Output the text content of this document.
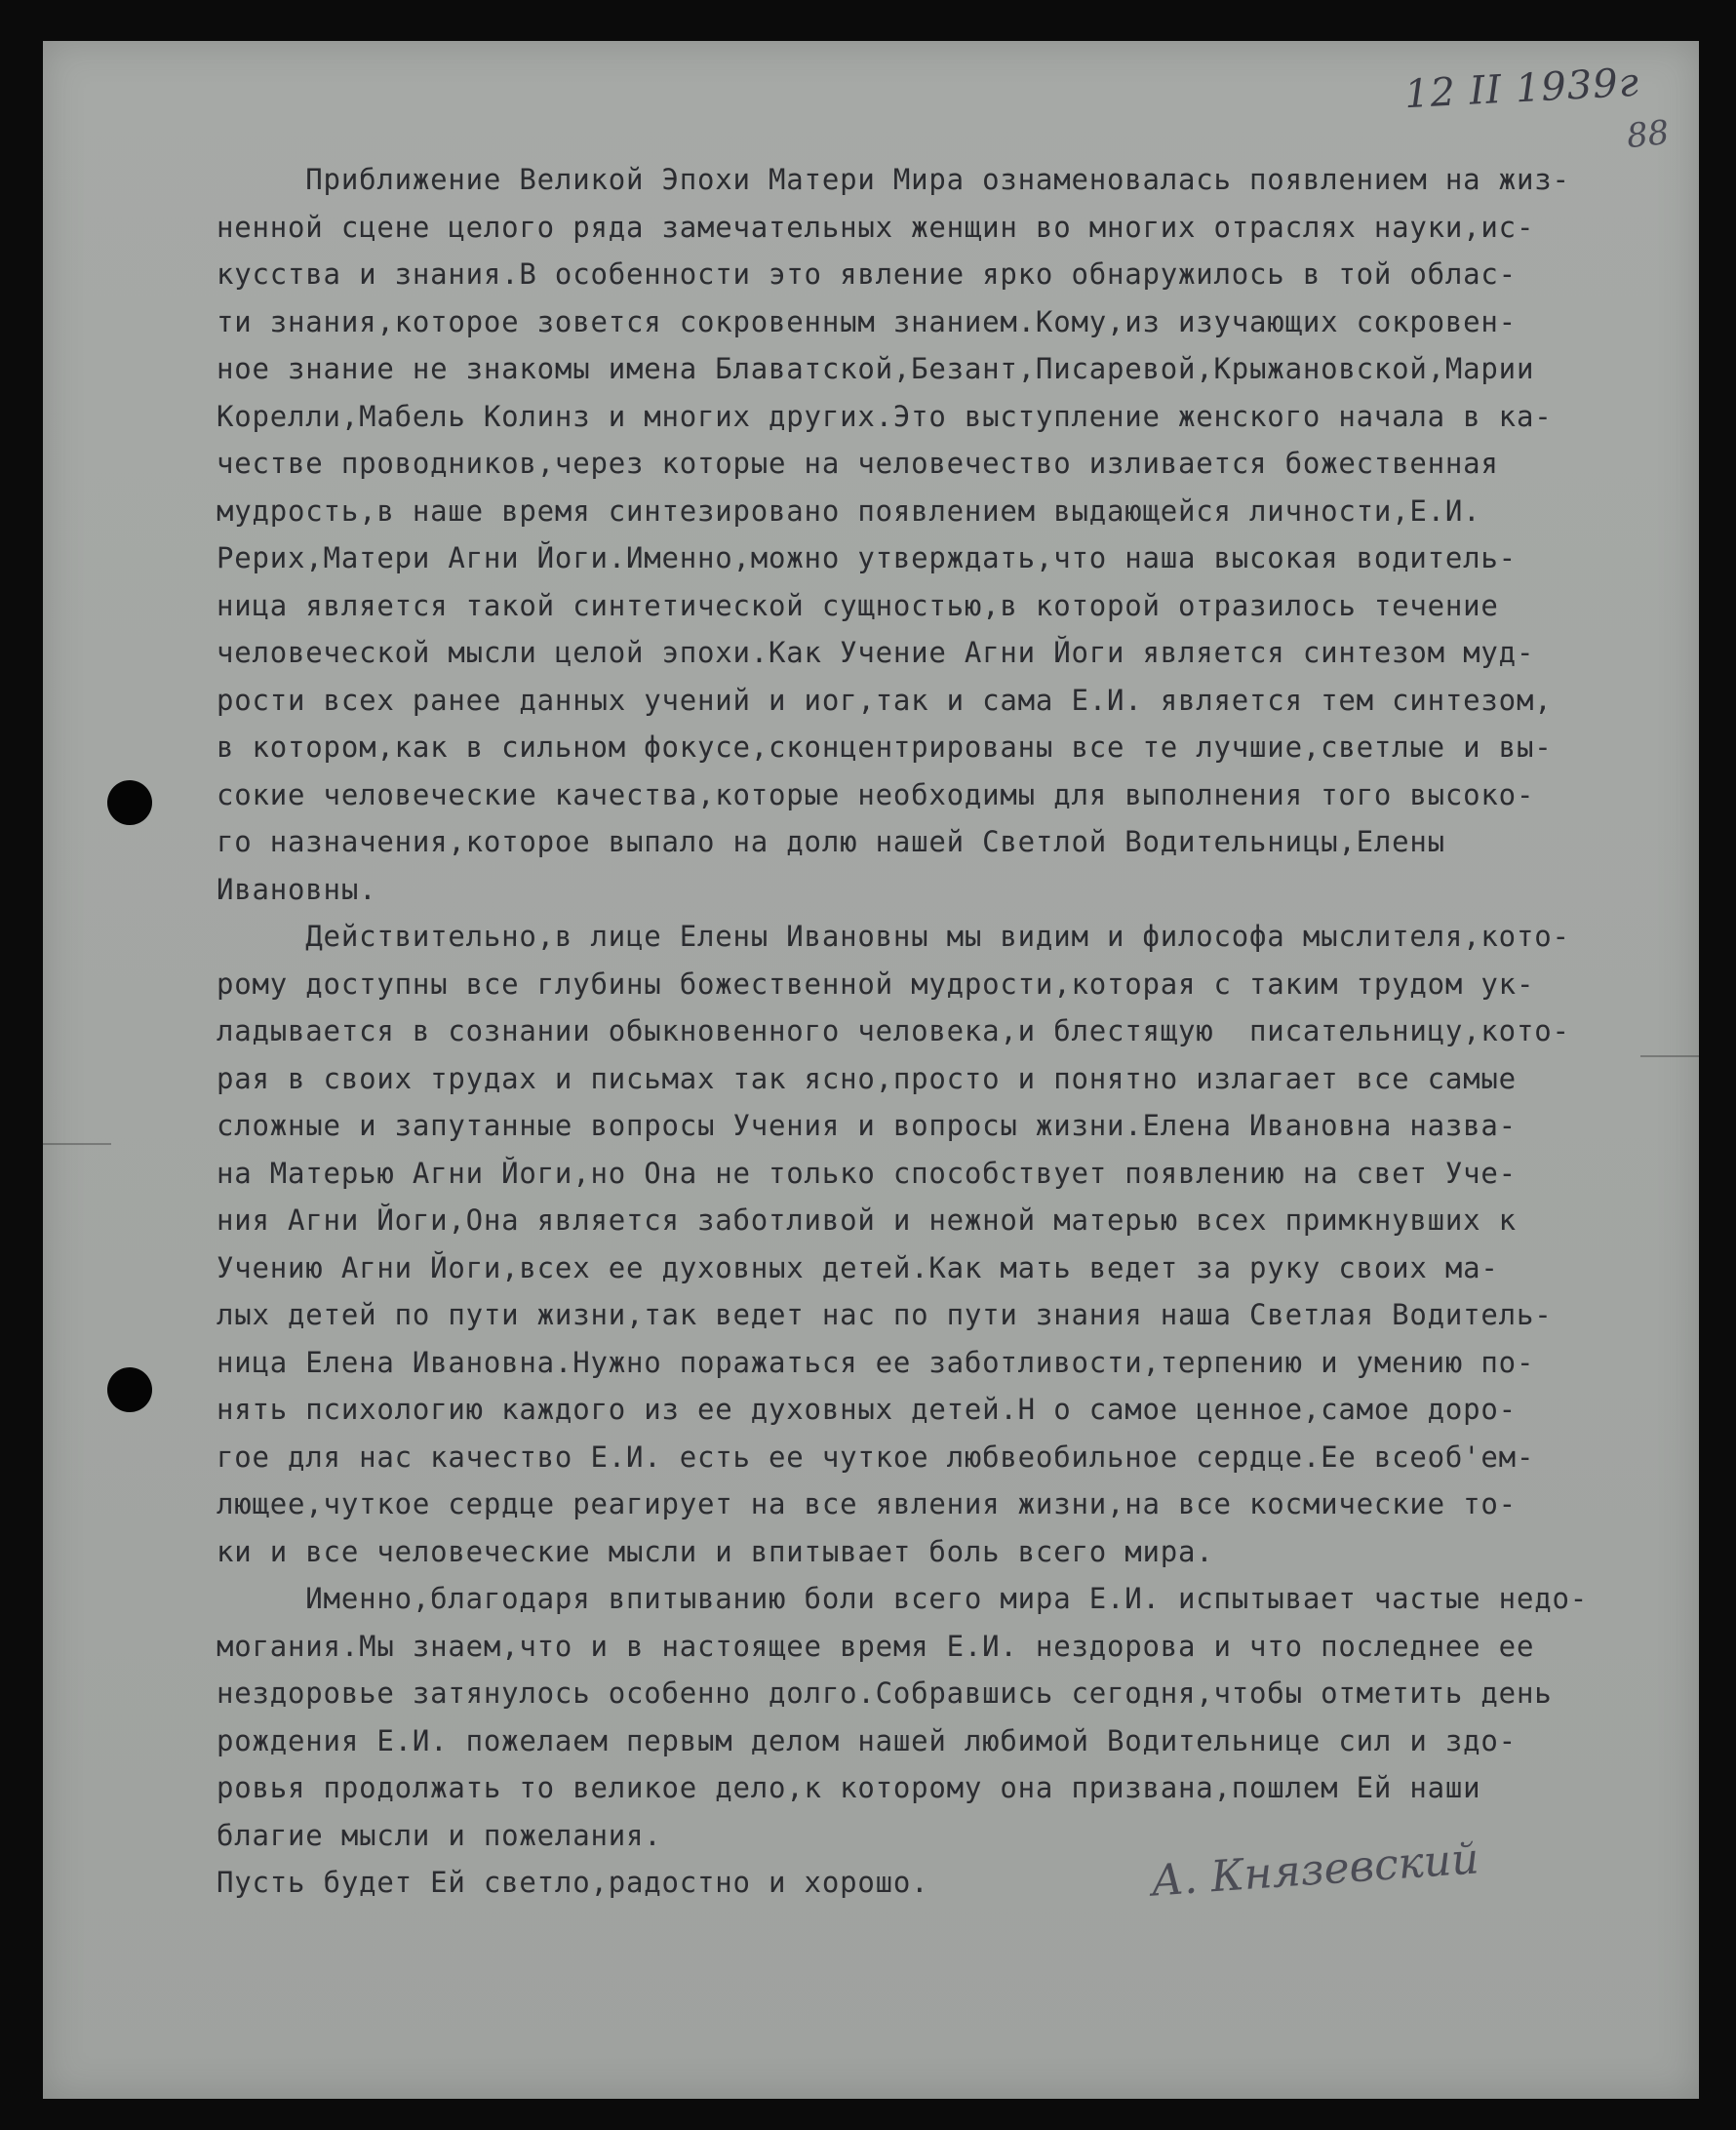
12 II 1939г
88
Приближение Великой Эпохи Матери Мира ознаменовалась появлением на жиз-
ненной сцене целого ряда замечательных женщин во многих отраслях науки,ис-
кусства и знания.В особенности это явление ярко обнаружилось в той облас-
ти знания,которое зовется сокровенным знанием.Кому,из изучающих сокровен-
ное знание не знакомы имена Блаватской,Безант,Писаревой,Крыжановской,Марии
Корелли,Мабель Колинз и многих других.Это выступление женского начала в ка-
честве проводников,через которые на человечество изливается божественная
мудрость,в наше время синтезировано появлением выдающейся личности,Е.И.
Рерих,Матери Агни Йоги.Именно,можно утверждать,что наша высокая водитель-
ница является такой синтетической сущностью,в которой отразилось течение
человеческой мысли целой эпохи.Как Учение Агни Йоги является синтезом муд-
рости всех ранее данных учений и иог,так и сама Е.И. является тем синтезом,
в котором,как в сильном фокусе,сконцентрированы все те лучшие,светлые и вы-
сокие человеческие качества,которые необходимы для выполнения того высоко-
го назначения,которое выпало на долю нашей Светлой Водительницы,Елены
Ивановны.
Действительно,в лице Елены Ивановны мы видим и философа мыслителя,кото-
рому доступны все глубины божественной мудрости,которая с таким трудом ук-
ладывается в сознании обыкновенного человека,и блестящую  писательницу,кото-
рая в своих трудах и письмах так ясно,просто и понятно излагает все самые
сложные и запутанные вопросы Учения и вопросы жизни.Елена Ивановна назва-
на Матерью Агни Йоги,но Она не только способствует появлению на свет Уче-
ния Агни Йоги,Она является заботливой и нежной матерью всех примкнувших к
Учению Агни Йоги,всех ее духовных детей.Как мать ведет за руку своих ма-
лых детей по пути жизни,так ведет нас по пути знания наша Светлая Водитель-
ница Елена Ивановна.Нужно поражаться ее заботливости,терпению и умению по-
нять психологию каждого из ее духовных детей.Н о самое ценное,самое доро-
гое для нас качество Е.И. есть ее чуткое любвеобильное сердце.Ее всеоб'ем-
лющее,чуткое сердце реагирует на все явления жизни,на все космические то-
ки и все человеческие мысли и впитывает боль всего мира.
Именно,благодаря впитыванию боли всего мира Е.И. испытывает частые недо-
могания.Мы знаем,что и в настоящее время Е.И. нездорова и что последнее ее
нездоровье затянулось особенно долго.Собравшись сегодня,чтобы отметить день
рождения Е.И. пожелаем первым делом нашей любимой Водительнице сил и здо-
ровья продолжать то великое дело,к которому она призвана,пошлем Ей наши
благие мысли и пожелания.
Пусть будет Ей светло,радостно и хорошо.	А. Князевский
